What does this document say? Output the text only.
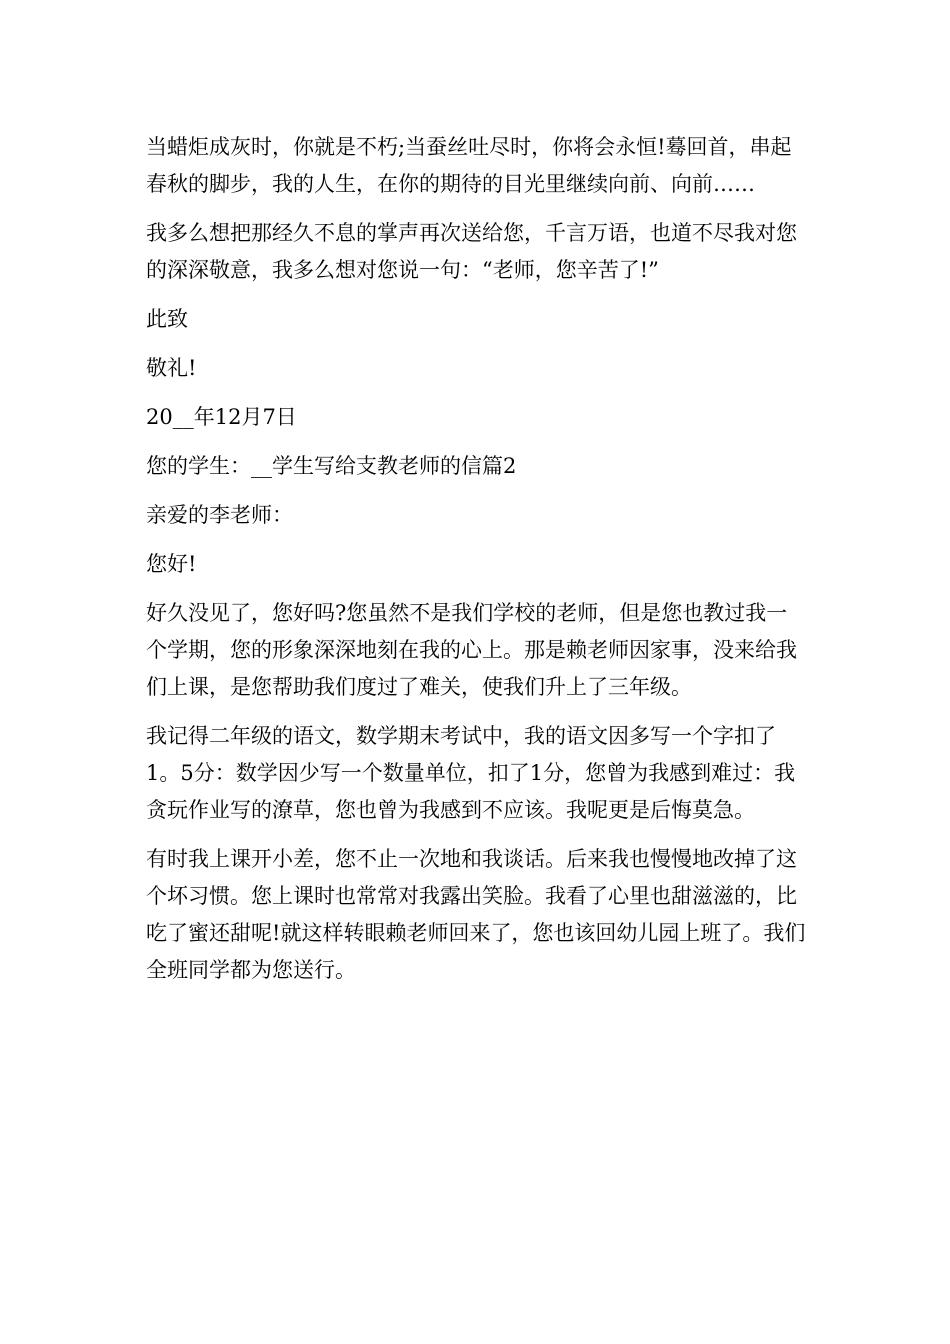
当蜡炬成灰时，你就是不朽;当蚕丝吐尽时，你将会永恒!蓦回首，串起春秋的脚步，我的人生，在你的期待的目光里继续向前、向前……

我多么想把那经久不息的掌声再次送给您，千言万语，也道不尽我对您的深深敬意，我多么想对您说一句：“老师，您辛苦了!”

此致

敬礼!

20__年12月7日

您的学生：__学生写给支教老师的信篇2

亲爱的李老师：

您好!

好久没见了，您好吗?您虽然不是我们学校的老师，但是您也教过我一个学期，您的形象深深地刻在我的心上。那是赖老师因家事，没来给我们上课，是您帮助我们度过了难关，使我们升上了三年级。

我记得二年级的语文，数学期末考试中，我的语文因多写一个字扣了1。5分：数学因少写一个数量单位，扣了1分，您曾为我感到难过：我贪玩作业写的潦草，您也曾为我感到不应该。我呢更是后悔莫急。

有时我上课开小差，您不止一次地和我谈话。后来我也慢慢地改掉了这个坏习惯。您上课时也常常对我露出笑脸。我看了心里也甜滋滋的，比吃了蜜还甜呢!就这样转眼赖老师回来了，您也该回幼儿园上班了。我们全班同学都为您送行。
